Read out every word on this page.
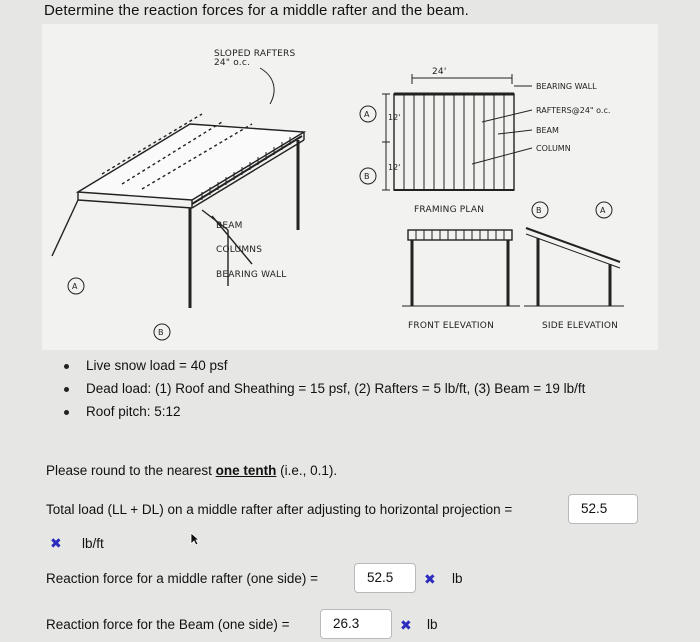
Determine the reaction forces for a middle rafter and the beam.
SLOPED RAFTERS
24" o.c.
BEAM
COLUMNS
BEARING WALL
A
B
24'
12'
12'
A
B
BEARING WALL
RAFTERS@24" o.c.
BEAM
COLUMN
FRAMING PLAN	B	A
FRONT ELEVATION	SIDE ELEVATION
Live snow load = 40 psf
Dead load: (1) Roof and Sheathing = 15 psf, (2) Rafters = 5 lb/ft, (3) Beam = 19 lb/ft
Roof pitch: 5:12
Please round to the nearest one tenth (i.e., 0.1).
Total load (LL + DL) on a middle rafter after adjusting to horizontal projection =	52.5
✖ lb/ft
Reaction force for a middle rafter (one side) =	52.5	✖ lb
Reaction force for the Beam (one side) =	26.3	✖ lb
